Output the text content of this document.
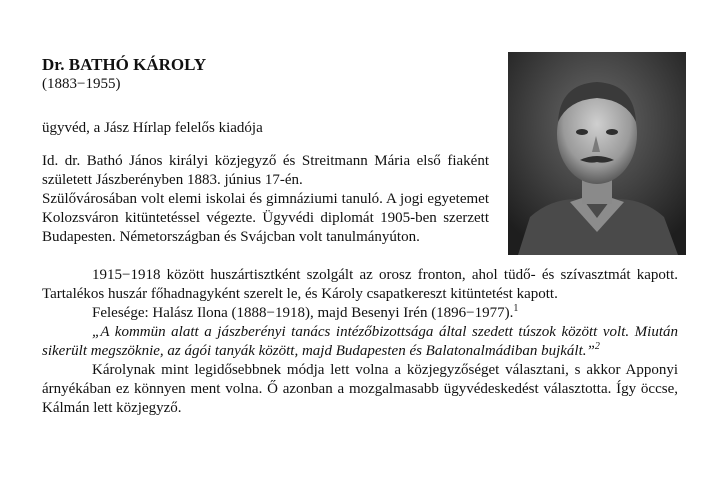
Dr. BATHÓ KÁROLY
(1883−1955)
ügyvéd, a Jász Hírlap felelős kiadója

Id. dr. Bathó János királyi közjegyző és Streitmann Mária első fiaként született Jászberényben 1883. június 17-én.

Szülővárosában volt elemi iskolai és gimnáziumi tanuló. A jogi egyetemet Kolozsváron kitüntetéssel végezte. Ügyvédi diplomát 1905-ben szerzett Budapesten. Németországban és Svájcban volt tanulmányúton.

1915−1918 között huszártisztként szolgált az orosz fronton, ahol tüdő- és szívasztmát kapott. Tartalékos huszár főhadnagyként szerelt le, és Károly csapatkereszt kitüntetést kapott.

Felesége: Halász Ilona (1888−1918), majd Besenyi Irén (1896−1977).$^1$

„A kommün alatt a jászberényi tanács intézőbizottsága által szedett túszok között volt. Miután sikerült megszöknie, az ágói tanyák között, majd Budapesten és Balatonalmádiban bujkált.”$^2$

Károlynak mint legidősebbnek módja lett volna a közjegyzőséget választani, s akkor Apponyi árnyékában ez könnyen ment volna. Ő azonban a mozgalmasabb ügyvédeskedést választotta. Így öccse, Kálmán lett közjegyző.
